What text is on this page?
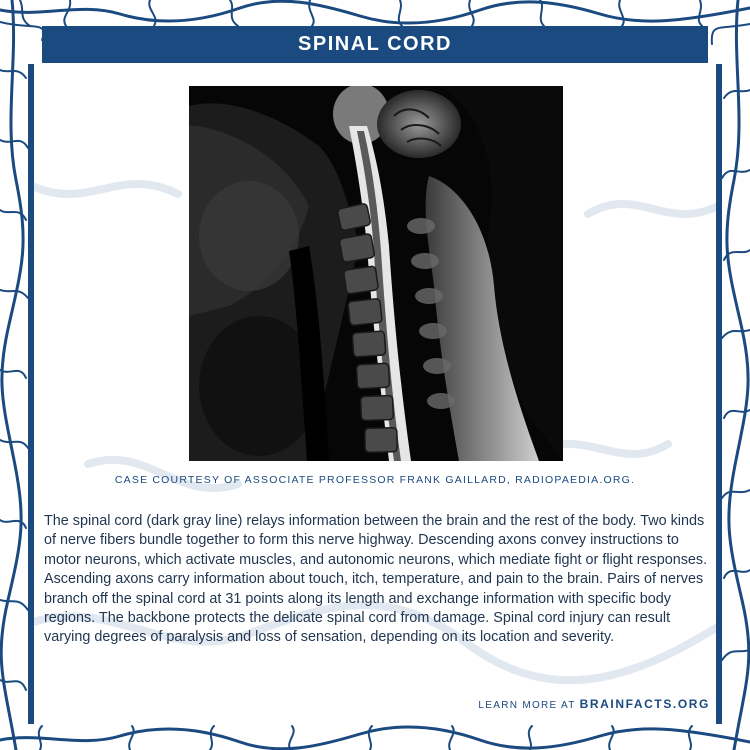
SPINAL CORD
CASE COURTESY OF ASSOCIATE PROFESSOR FRANK GAILLARD, RADIOPAEDIA.ORG.
The spinal cord (dark gray line) relays information between the brain and the rest of the body. Two kinds of nerve fibers bundle together to form this nerve highway. Descending axons convey instructions to motor neurons, which activate muscles, and autonomic neurons, which mediate fight or flight responses. Ascending axons carry information about touch, itch, temperature, and pain to the brain. Pairs of nerves branch off the spinal cord at 31 points along its length and exchange information with specific body regions. The backbone protects the delicate spinal cord from damage. Spinal cord injury can result varying degrees of paralysis and loss of sensation, depending on its location and severity.
LEARN MORE AT BRAINFACTS.ORG
